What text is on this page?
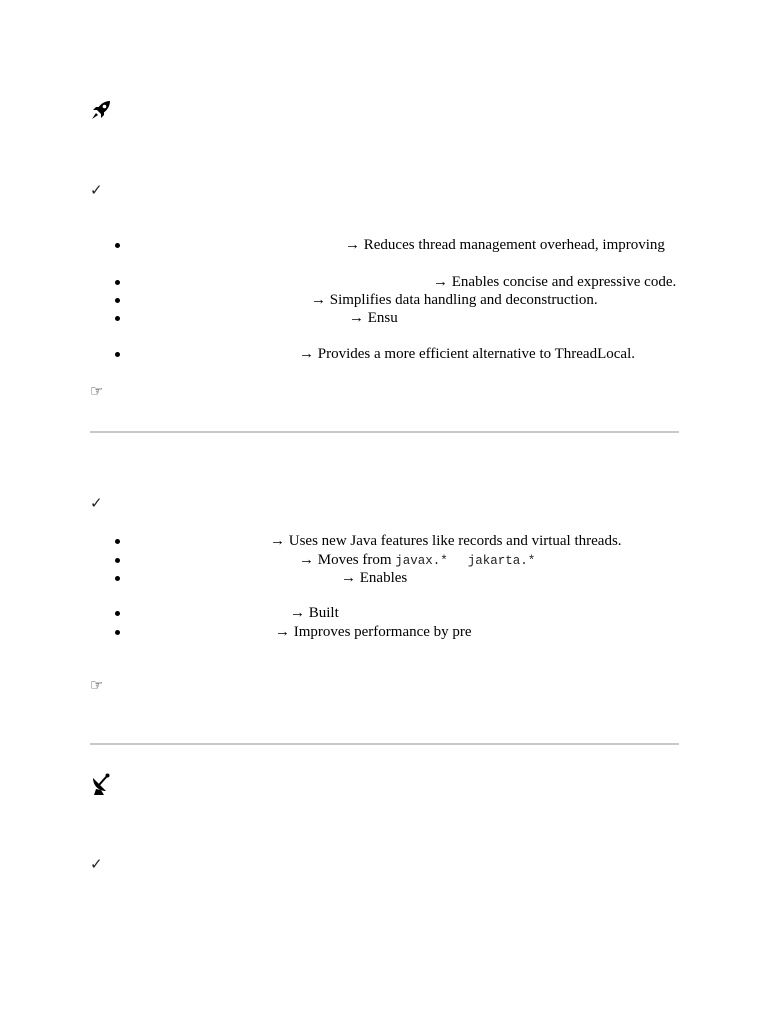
✓
→ Reduces thread management overhead, improving
→ Enables concise and expressive code.
→ Simplifies data handling and deconstruction.
→ Ensu
→ Provides a more efficient alternative to ThreadLocal.
☞
✓
→ Uses new Java features like records and virtual threads.
→ Moves from javax.* jakarta.*
→ Enables
→ Built
→ Improves performance by pre
☞
✓
